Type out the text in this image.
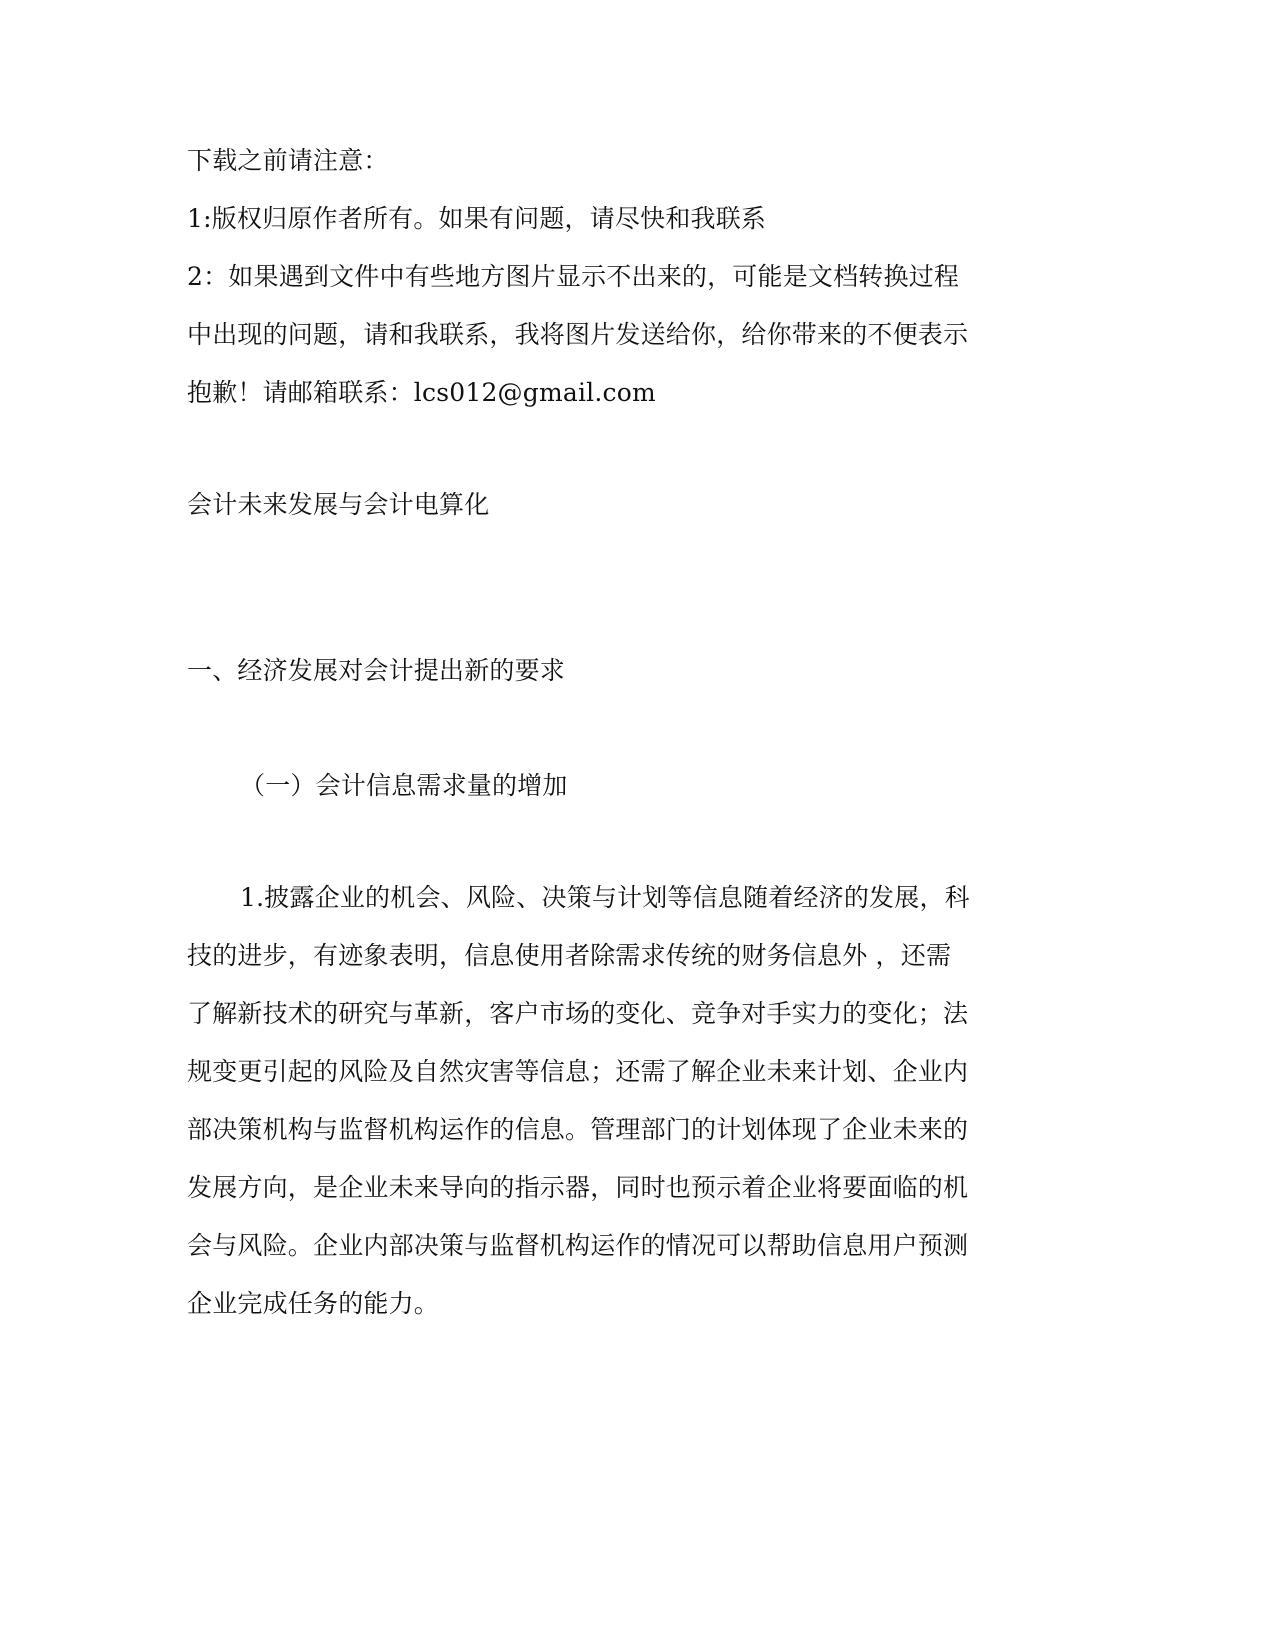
下载之前请注意：
1:版权归原作者所有。如果有问题，请尽快和我联系
2：如果遇到文件中有些地方图片显示不出来的，可能是文档转换过程
中出现的问题，请和我联系，我将图片发送给你，给你带来的不便表示
抱歉！请邮箱联系：lcs012@gmail.com
会计未来发展与会计电算化
一、经济发展对会计提出新的要求
（一）会计信息需求量的增加
1.披露企业的机会、风险、决策与计划等信息随着经济的发展，科
技的进步，有迹象表明，信息使用者除需求传统的财务信息外 ，还需
了解新技术的研究与革新，客户市场的变化、竞争对手实力的变化；法
规变更引起的风险及自然灾害等信息；还需了解企业未来计划、企业内
部决策机构与监督机构运作的信息。管理部门的计划体现了企业未来的
发展方向，是企业未来导向的指示器，同时也预示着企业将要面临的机
会与风险。企业内部决策与监督机构运作的情况可以帮助信息用户预测
企业完成任务的能力。
